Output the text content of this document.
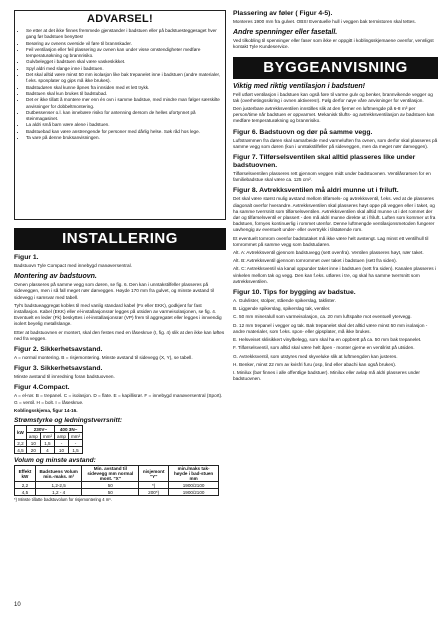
ADVARSEL!
• Se etter at det ikke finnes fremmede gjenstander i badstuen eller på badstuesteggesaget hver gang før badstuen benyttes!
• Berøring av ovnens overside vil føre til brannskader.
• Feil ventilasjon eller feil plassering av ovnen kan under visse omstendigheter medføre temperaturøkning og brannrisiko.
• Gulvbelegget i badstuen skal være vaskeskikket.
• Spyl aldri med slange inne i badstuen.
• Det skal alltid være minst 50 mm isolasjon like bak trepanelet inne i badstuen (andre materialer, f.eks. sponplater og gips må ikke brukes).
• Badstudøren skal kunne åpnes fra innsiden med et lett trykk.
• Badstuen skal kun brukes til badstubad.
• Det er ikke tillatt å montere mer enn én ovn i samme badstue, med mindre man følger særskilte anvisninger for dobbeltmontering.
• Dutbessenser o.l. kan innebære risiko for antenning dersom de helles ufortynnet på steinmagasinet.
• La aldri små barn være alene i badstuen.
• Badstuebad kan være anstrengende for personer med dårlig helse. Søk råd hos lege.
• Ta vare på denne bruksanvisningen.
INSTALLERING
Figur 1.

Badstuovn Tyle Compact med innebygd manøversentral.

Montering av badstuovn.

Ovnen plasseres på samme vegg som døren, se fig. 6. Den kan i unntakstilfeller plasseres på sideveggen, men i så fall meget nær dørveggen. Høyde 170 mm fra gulvet, og minste avstand til sidevegg i samsvar med tabell.

Tyl's badstueaggregat kobles til med vanlig standard kabel (Fx eller EKK), godkjent for fast installasjon. Kabel (EKK) eller el-installasjonsrør legges på utsiden av varmeisolasjonen, se fig. 4. Eventuelt en leder (Fk) beskyttes i el-installasjonsrør (VP) frem til aggregatet eller legges i innvendig isolert beyelig metallslange.

Etter at badstuovnen er montert, skal den festes med en låseskrue (I, fig. 4) slik at den ikke kan løftes ned fra veggen.

Figur 2. Sikkerhetsavstand.

A = normal montering. B = risjemontering. Minste avstand til sidevegg (X, Y), se tabell.

Figur 3. Sikkerhetsavstand.

Minste avstand til innredning foran badstuovnen.

Figur 4.Compact.

A = el-rør. B = trepanel. C = isolasjon. D = flate. E = kapillisrør. F = innebygd manøversentral (Sport). G = ventil. H = bolt. I = låseskrue.

Koblingsskjema, figur 14-16.

Strømstyrke og ledningstverrsnitt:
kW	230V~		400 3N~	
	amp	mm²	amp	mm²
2,2	10	1,5	-	-
4,5	20	4	10	1,5
Volum og minste avstand:
Effekt kW	Badstuens Volum min.-maks. m³	Min. avstand til sidevegg mm normal mont. "X"	nisjemont "Y"	min./maks tak-høyde i bad-stuen mm
2,2	1,2-2,5	50	*)	1900/2100
4,5	1,2 - 4	50	200*)	1900/2100
*) Minste tillatte badstuvolum for risjemontering 4 m³.
Plassering av føler ( Figur 4-5).

Monteres 1900 mm fra gulvet. OBS! Eventuelle hull i veggen bak termistoren skal tettes.

Andre spenninger eller fasetall.

Ved tilkobling til spenninger eller faser som ikke er oppgitt i koblingsskjemaene ovenfor, vennligst kontakt Tyle Kundeservice.

BYGGEANVISNING
Viktig med riktig ventilasjon i badstuen!

Fell utført ventilasjon i badstuen kan også føre til varme gulv og benker, brannvikende vegger og tak (overhetingssikring i ovnen aktiveres!). Følg derfor nøye våre anvisninger for ventilasjon.

Den justerbare avtrekksventilen innstilles slik at den fjerner en luftmengde på 6-8 m³ per person/time når badstuen er oppvarmet. Mekanisk tilufts- og avtrekksventilasjon av badstuen kan medføre temperaturøkning og brannrisiko.

Figur 6. Badstuovn og dør på samme vegg.

Luftstrømmen fra døren skal samarbeide med varmeluften fra ovnen, som derfor skal plasseres på samme vegg som døren (kun i unntakstilfeller på sideveggen, men da meget nær dørveggen).

Figur 7. Tilførselsventilen skal alltid plasseres like under badstuovnen.

Tilførselsventilen plasseres rett gjennom veggen midt under badstuovnen. Ventilåsrørsen for en familiebadstue skal være ca. 125 cm².

Figur 8. Avtrekksventilen må aldri munne ut i friluft.

Det skal være størst mulig avstand mellom tilførsels- og avtrekksventil, f.eks. ved at de plasseres diagonalt overfor hverandre. Avtrekksventilen skal plasseres høyt oppe på veggen eller i taket, og ha samme tverrsnitt som tilførselsventilen. Avtrekksventilen skal alltid munne ut i det rommet der dør og tilførselsventil er plassert - den må aldri munne direkte ut i friluft. Luften som kommer ut fra badstuen, fornyes kontinuerlig i rommet utenfor. Denne luftmengde ventilasjonsmetoden fungerer uavhengig av eventuelt under- eller overtrykk i tilstøtende rom.

Et eventuelt tomrom ovenfor badstutaket må ikke være helt avstengt. Lag minst ett ventilhull til tomrommet på samme vegg som badstudøren.

Alt. A: Avtrekksventil gjennom badstuvegg (sett ovenfra). Ventilen plasseres høyt, nær taket.

Alt. B: Avtrekksventil gjennom tomrommet over taket i badstuen (sett fra siden).

Alt. C: Avtrekksventil via kanal oppunder taket inne i badstuen (sett fra siden). Kanalen plasseres i vinkelen mellom tak og vegg. Den kan f.eks. utføres i tre, og skal ha samme tverrsnitt som avtrekksventilen.

Figur 10. Tips for bygging av badstue.

A. Gulvlister, stolper, stående spikerslag, taklister.

B. Liggende spikerslag, spikerslag tak, ventiler.

C. 50 mm mineralull som varmeisolasjon, ca. 20 mm luftspalte mot eventuell ytervegg.

D. 12 mm trepanel i vegger og tak. Bak trepanelet skal det alltid være minst 50 mm isolasjon - andre materialer, som f.eks. spon- eller gipsplater, må ikke brukes.

E. Helsveiset sklisikkert vinylbelegg, som skal ha en oppbrett på ca. 50 mm bak trepanelet.

F. Tilførselsventil, som alltid skal være helt åpen - monter gjerne en ventilrist på utsiden.

G. Avtrekksventil, som utstyres med skyveluke slik at luftmengden kan justeres.

H. Benker, minst 22 mm av kvisfri furu (osp, lind eller abachi kan også brukes).

I. Minilux (bør finnes i alle offentlige badstuer). Minilux eller avlap må aldri plasseres under badstuovnen.

10
